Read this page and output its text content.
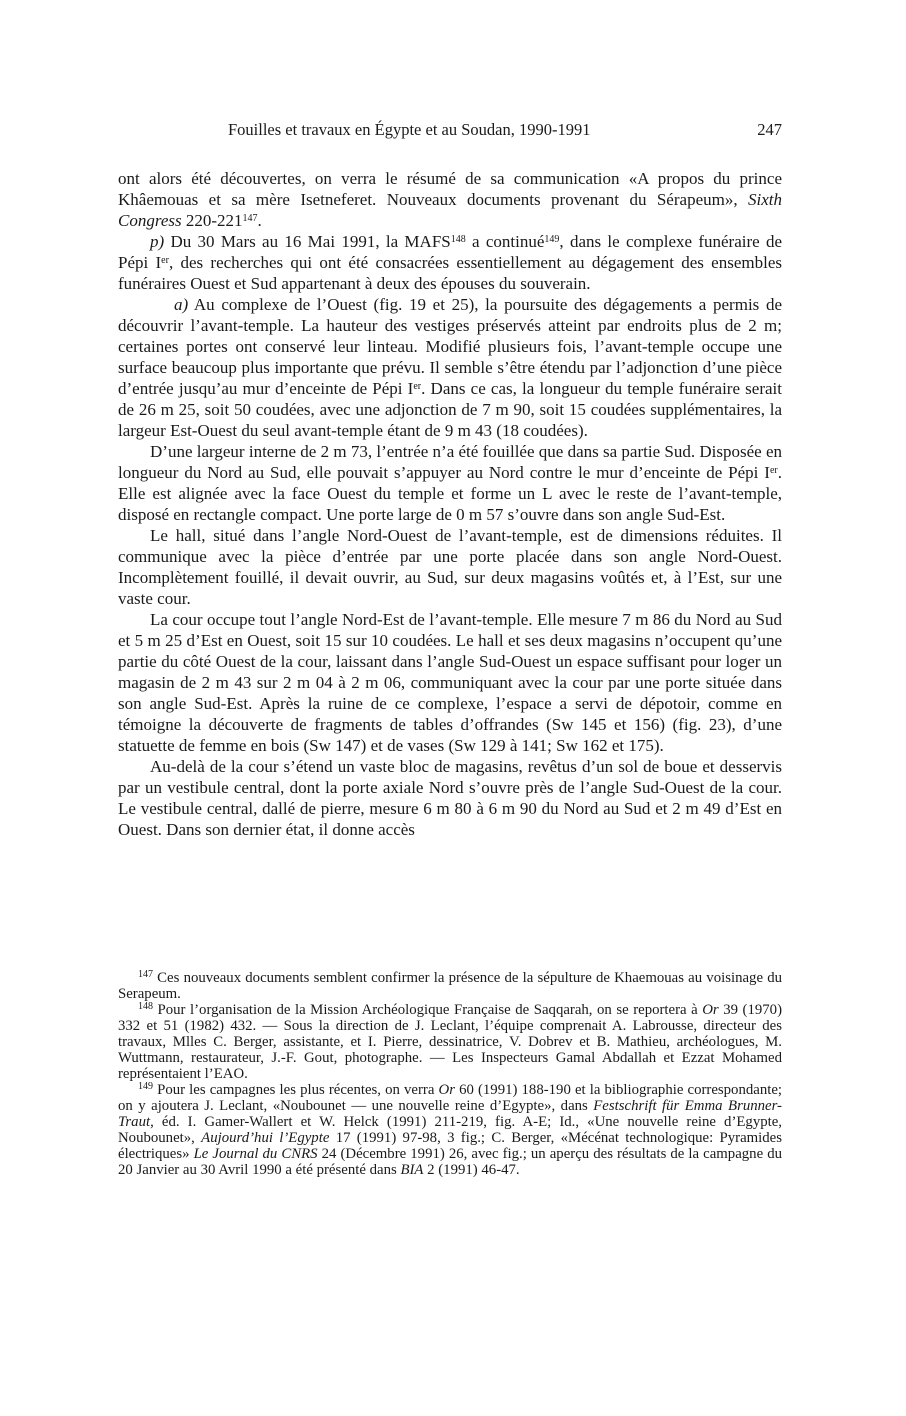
Fouilles et travaux en Égypte et au Soudan, 1990-1991	247

ont alors été découvertes, on verra le résumé de sa communication «A propos du prince Khâemouas et sa mère Isetneferet. Nouveaux documents provenant du Sérapeum», Sixth Congress $220-221^{147}$.

p) Du 30 Mars au 16 Mai 1991, la MAFS$^{148}$ a continué$^{149}$, dans le complexe funéraire de Pépi Ier, des recherches qui ont été consacrées essentiellement au dégagement des ensembles funéraires Ouest et Sud appartenant à deux des épouses du souverain.

a) Au complexe de l’Ouest (fig. 19 et 25), la poursuite des dégagements a permis de découvrir l’avant-temple. La hauteur des vestiges préservés atteint par endroits plus de 2 m; certaines portes ont conservé leur linteau. Modifié plusieurs fois, l’avant-temple occupe une surface beaucoup plus importante que prévu. Il semble s’être étendu par l’adjonction d’une pièce d’entrée jusqu’au mur d’enceinte de Pépi Ier. Dans ce cas, la longueur du temple funéraire serait de 26 m 25, soit 50 coudées, avec une adjonction de 7 m 90, soit 15 coudées supplémentaires, la largeur Est-Ouest du seul avant-temple étant de 9 m 43 (18 coudées).

D’une largeur interne de 2 m 73, l’entrée n’a été fouillée que dans sa partie Sud. Disposée en longueur du Nord au Sud, elle pouvait s’appuyer au Nord contre le mur d’enceinte de Pépi Ier. Elle est alignée avec la face Ouest du temple et forme un L avec le reste de l’avant-temple, disposé en rectangle compact. Une porte large de 0 m 57 s’ouvre dans son angle Sud-Est.

Le hall, situé dans l’angle Nord-Ouest de l’avant-temple, est de dimensions réduites. Il communique avec la pièce d’entrée par une porte placée dans son angle Nord-Ouest. Incomplètement fouillé, il devait ouvrir, au Sud, sur deux magasins voûtés et, à l’Est, sur une vaste cour.

La cour occupe tout l’angle Nord-Est de l’avant-temple. Elle mesure 7 m 86 du Nord au Sud et 5 m 25 d’Est en Ouest, soit 15 sur 10 coudées. Le hall et ses deux magasins n’occupent qu’une partie du côté Ouest de la cour, laissant dans l’angle Sud-Ouest un espace suffisant pour loger un magasin de 2 m 43 sur 2 m 04 à 2 m 06, communiquant avec la cour par une porte située dans son angle Sud-Est. Après la ruine de ce complexe, l’espace a servi de dépotoir, comme en témoigne la découverte de fragments de tables d’offrandes (Sw 145 et 156) (fig. 23), d’une statuette de femme en bois (Sw 147) et de vases (Sw 129 à 141; Sw 162 et 175).

Au-delà de la cour s’étend un vaste bloc de magasins, revêtus d’un sol de boue et desservis par un vestibule central, dont la porte axiale Nord s’ouvre près de l’angle Sud-Ouest de la cour. Le vestibule central, dallé de pierre, mesure 6 m 80 à 6 m 90 du Nord au Sud et 2 m 49 d’Est en Ouest. Dans son dernier état, il donne accès

$^{147}$ Ces nouveaux documents semblent confirmer la présence de la sépulture de Khaemouas au voisinage du Serapeum.

$^{148}$ Pour l’organisation de la Mission Archéologique Française de Saqqarah, on se reportera à Or 39 (1970) 332 et 51 (1982) 432. — Sous la direction de J. Leclant, l’équipe comprenait A. Labrousse, directeur des travaux, Mlles C. Berger, assistante, et I. Pierre, dessinatrice, V. Dobrev et B. Mathieu, archéologues, M. Wuttmann, restaurateur, J.-F. Gout, photographe. — Les Inspecteurs Gamal Abdallah et Ezzat Mohamed représentaient l’EAO.

$^{149}$ Pour les campagnes les plus récentes, on verra Or 60 (1991) 188-190 et la bibliographie correspondante; on y ajoutera J. Leclant, «Noubounet — une nouvelle reine d’Egypte», dans Festschrift für Emma Brunner-Traut, éd. I. Gamer-Wallert et W. Helck (1991) 211-219, fig. A-E; Id., «Une nouvelle reine d’Egypte, Noubounet», Aujourd’hui l’Egypte 17 (1991) 97-98, 3 fig.; C. Berger, «Mécénat technologique: Pyramides électriques» Le Journal du CNRS 24 (Décembre 1991) 26, avec fig.; un aperçu des résultats de la campagne du 20 Janvier au 30 Avril 1990 a été présenté dans BIA 2 (1991) 46-47.
